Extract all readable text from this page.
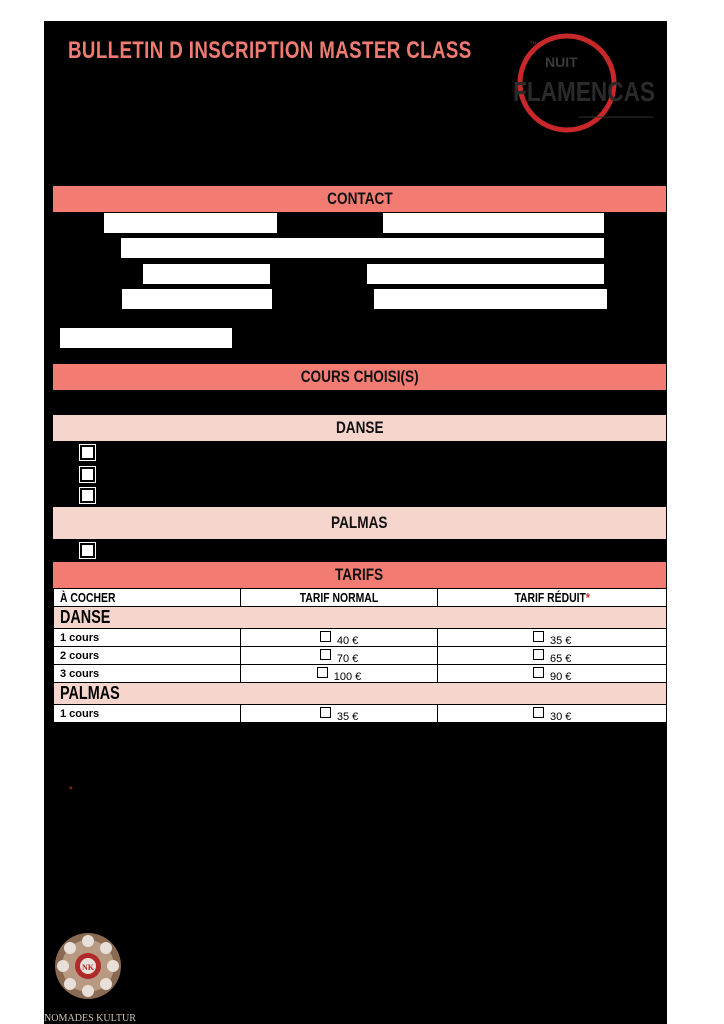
BULLETIN D INSCRIPTION MASTER CLASS	™
NUIT
FLAMENCAS
CONTACT
COURS CHOISI(S)
DANSE
PALMAS
TARIFS
À COCHER	TARIF NORMAL	TARIF RÉDUIT*
DANSE		
1 cours	40 €	35 €
2 cours	70 €	65 €
3 cours	100 €	90 €
PALMAS		
1 cours	35 €	30 €
*
NK
NOMADES KULTUR
